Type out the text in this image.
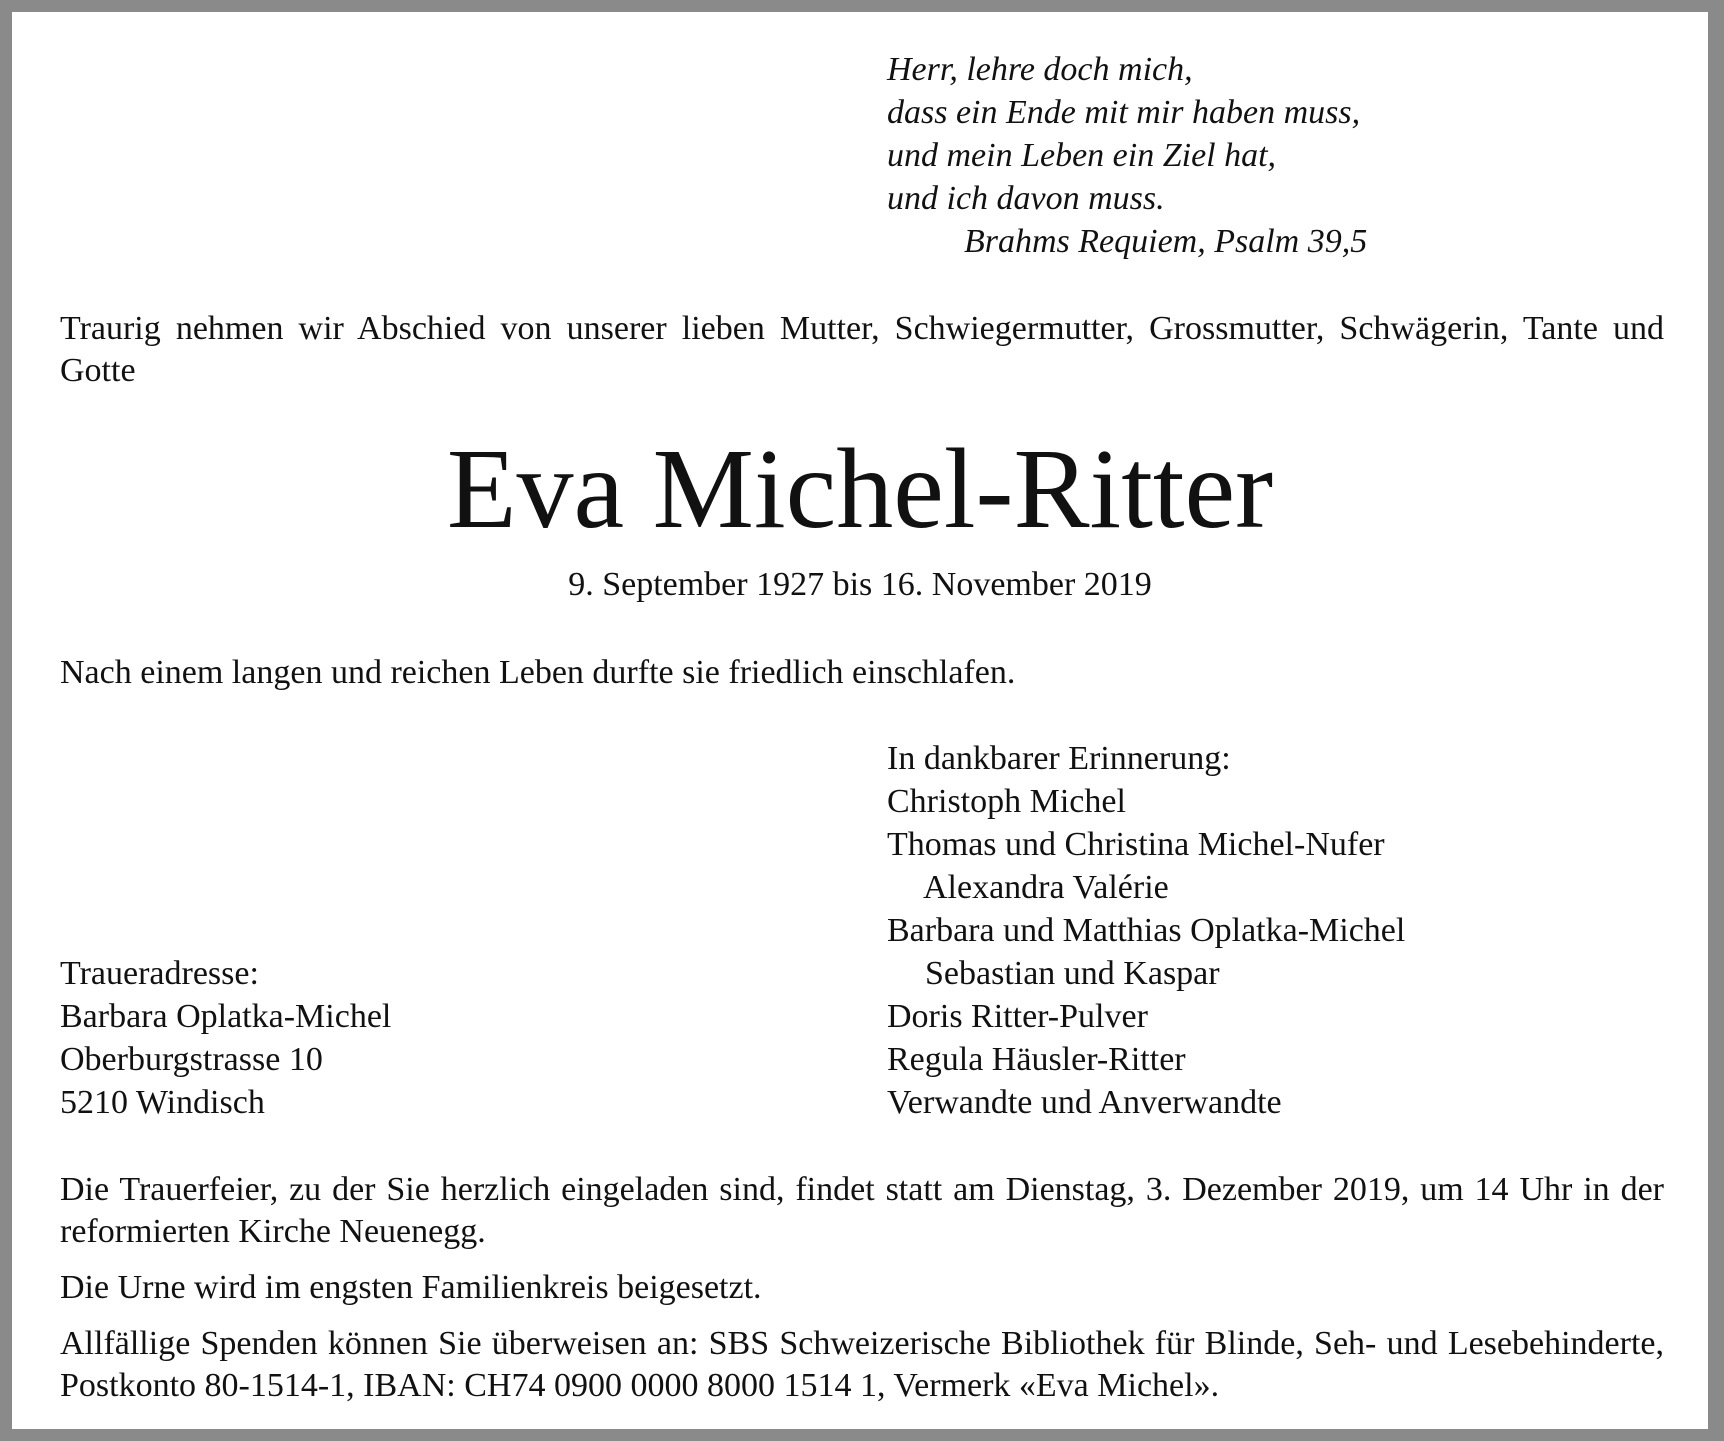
Herr, lehre doch mich,
dass ein Ende mit mir haben muss,
und mein Leben ein Ziel hat,
und ich davon muss.
Brahms Requiem, Psalm 39,5
Traurig nehmen wir Abschied von unserer lieben Mutter, Schwiegermutter, Grossmutter, Schwägerin, Tante und Gotte
Eva Michel-Ritter
9. September 1927 bis 16. November 2019
Nach einem langen und reichen Leben durfte sie friedlich einschlafen.
In dankbarer Erinnerung:
Christoph Michel
Thomas und Christina Michel-Nufer
Alexandra Valérie
Barbara und Matthias Oplatka-Michel
Sebastian und Kaspar
Doris Ritter-Pulver
Regula Häusler-Ritter
Verwandte und Anverwandte
Traueradresse:
Barbara Oplatka-Michel
Oberburgstrasse 10
5210 Windisch
Die Trauerfeier, zu der Sie herzlich eingeladen sind, findet statt am Dienstag, 3. Dezember 2019, um 14 Uhr in der reformierten Kirche Neuenegg.
Die Urne wird im engsten Familienkreis beigesetzt.
Allfällige Spenden können Sie überweisen an: SBS Schweizerische Bibliothek für Blinde, Seh- und Lesebehinderte, Postkonto 80-1514-1, IBAN: CH74 0900 0000 8000 1514 1, Vermerk «Eva Michel».
